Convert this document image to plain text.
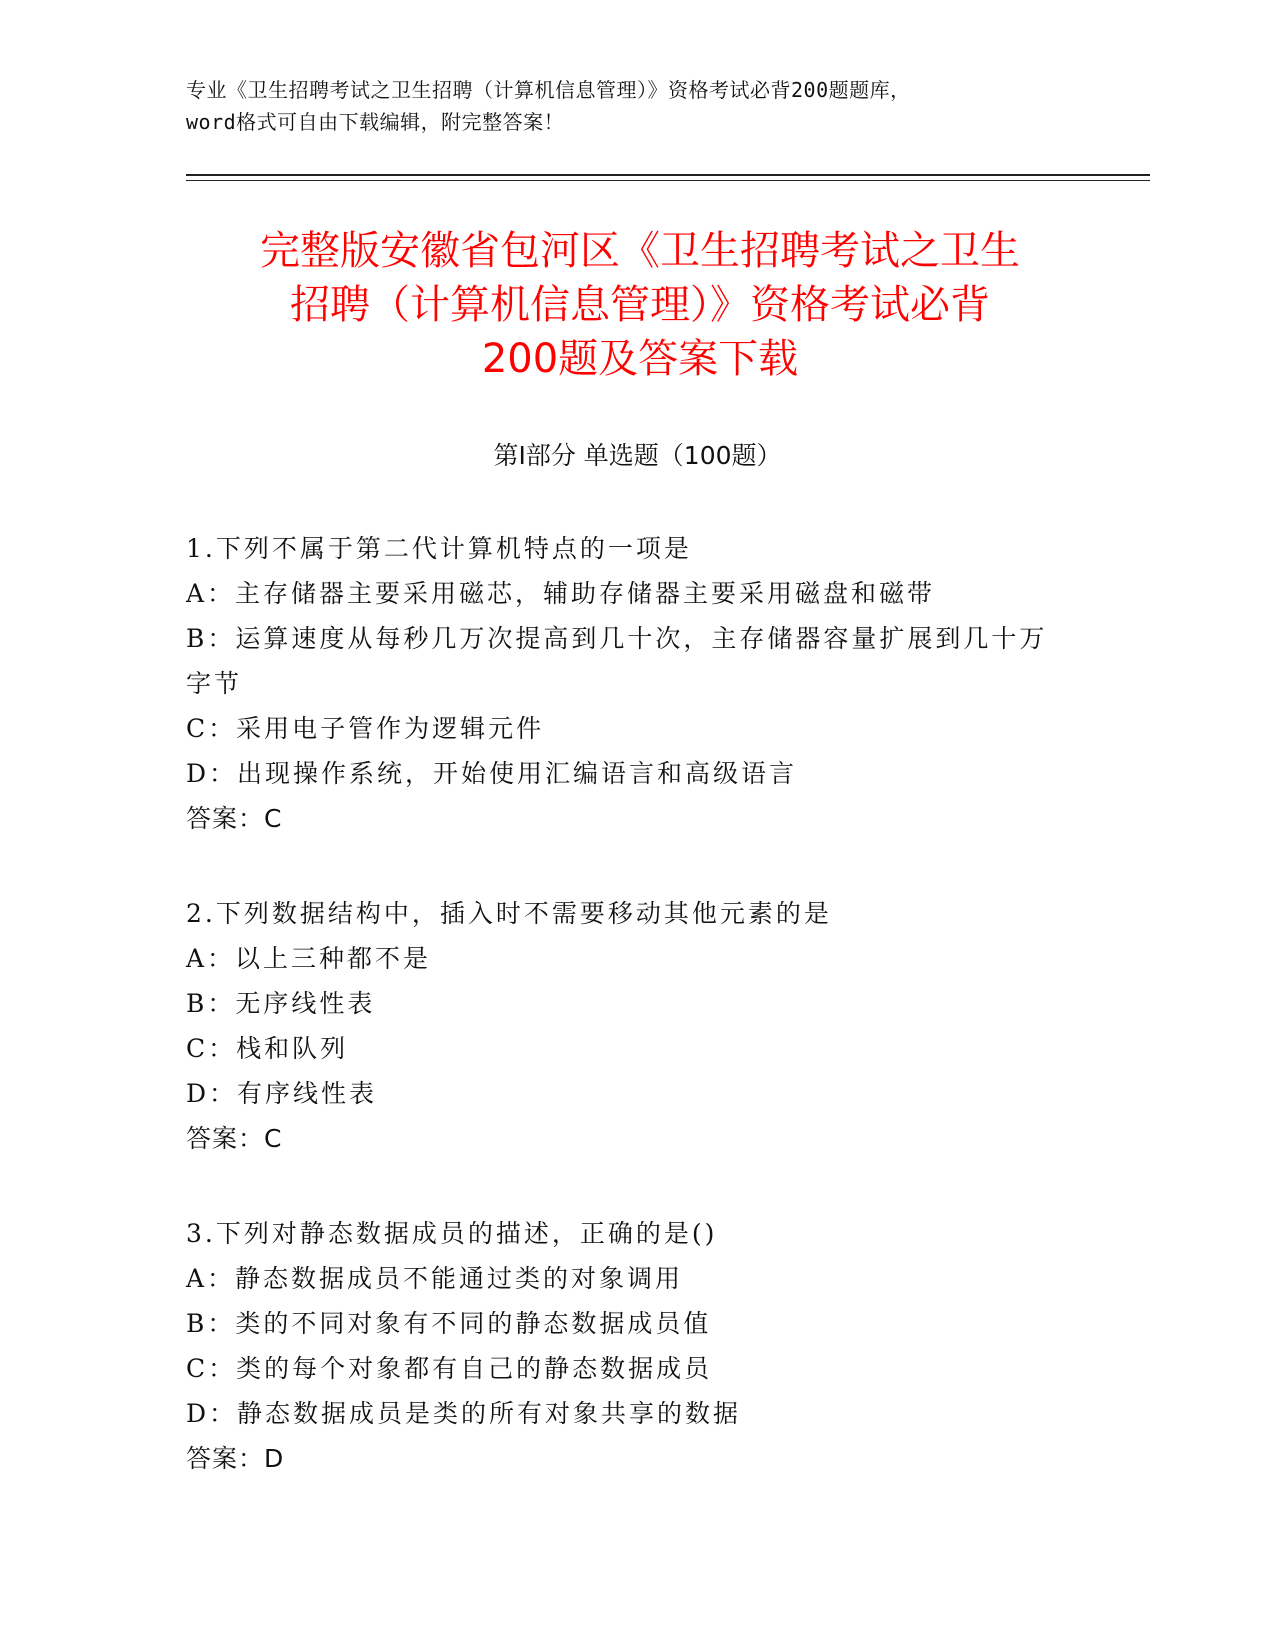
专业《卫生招聘考试之卫生招聘（计算机信息管理）》资格考试必背200题题库，
word格式可自由下载编辑，附完整答案！
完整版安徽省包河区《卫生招聘考试之卫生
招聘（计算机信息管理）》资格考试必背
200题及答案下载
第Ⅰ部分 单选题（100题）
1.下列不属于第二代计算机特点的一项是
A：主存储器主要采用磁芯，辅助存储器主要采用磁盘和磁带
B：运算速度从每秒几万次提高到几十次，主存储器容量扩展到几十万字节
C：采用电子管作为逻辑元件
D：出现操作系统，开始使用汇编语言和高级语言
答案：C
2.下列数据结构中，插入时不需要移动其他元素的是
A：以上三种都不是
B：无序线性表
C：栈和队列
D：有序线性表
答案：C
3.下列对静态数据成员的描述，正确的是()
A：静态数据成员不能通过类的对象调用
B：类的不同对象有不同的静态数据成员值
C：类的每个对象都有自己的静态数据成员
D：静态数据成员是类的所有对象共享的数据
答案：D
